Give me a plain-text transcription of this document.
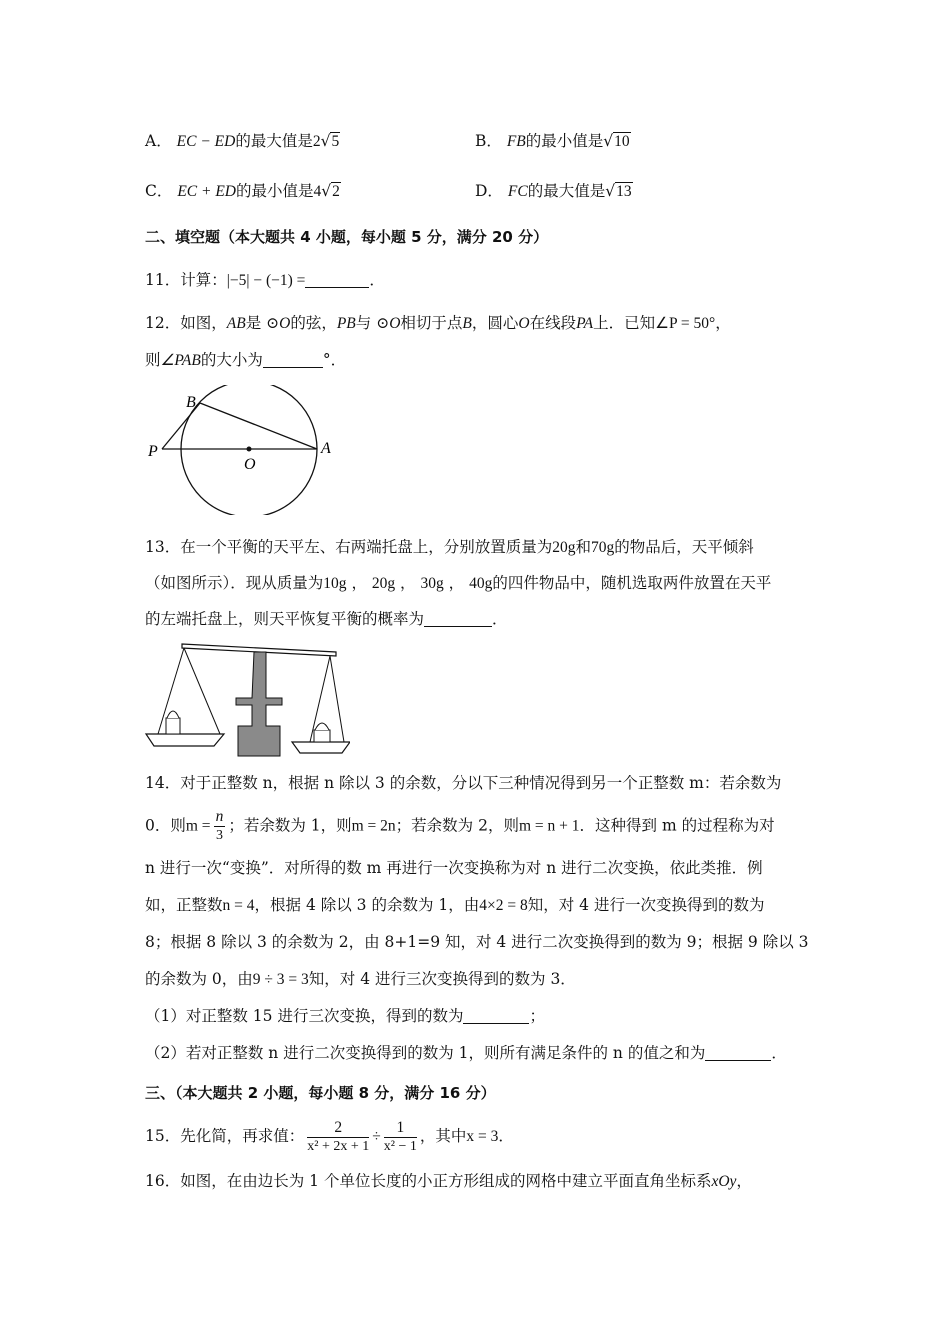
A． EC − ED的最大值是2√5	B． FB的最小值是√10
C． EC + ED的最小值是4√2	D． FC的最大值是√13
二、填空题（本大题共 4 小题，每小题 5 分，满分 20 分）
11．计算：|−5| − (−1) =	．
12．如图，AB是 ⊙O的弦，PB与 ⊙O相切于点B，圆心O在线段PA上．已知∠P = 50°，
则∠PAB的大小为	°．
B
P
O
A
13．在一个平衡的天平左、右两端托盘上，分别放置质量为20g和70g的物品后，天平倾斜
（如图所示）．现从质量为10g ， 20g ， 30g ， 40g的四件物品中，随机选取两件放置在天平
的左端托盘上，则天平恢复平衡的概率为	．
14．对于正整数 n，根据 n 除以 3 的余数，分以下三种情况得到另一个正整数 m：若余数为
0．则$m = \frac{n}{3}$ ；若余数为 1，则m = 2n；若余数为 2，则m = n + 1．这种得到 m 的过程称为对
n 进行一次“变换”．对所得的数 m 再进行一次变换称为对 n 进行二次变换，依此类推．例
如，正整数n = 4，根据 4 除以 3 的余数为 1，由4×2 = 8知，对 4 进行一次变换得到的数为
8；根据 8 除以 3 的余数为 2，由 8+1=9 知，对 4 进行二次变换得到的数为 9；根据 9 除以 3
的余数为 0，由9 ÷ 3 = 3知，对 4 进行三次变换得到的数为 3．
（1）对正整数 15 进行三次变换，得到的数为	；
（2）若对正整数 n 进行二次变换得到的数为 1，则所有满足条件的 n 的值之和为	．
三、（本大题共 2 小题，每小题 8 分，满分 16 分）
15．先化简，再求值： $\frac{2}{\text{x² + 2x + 1}} \div \frac{1}{\text{x² − 1}}$ ，其中x = 3．
16．如图，在由边长为 1 个单位长度的小正方形组成的网格中建立平面直角坐标系xOy，
